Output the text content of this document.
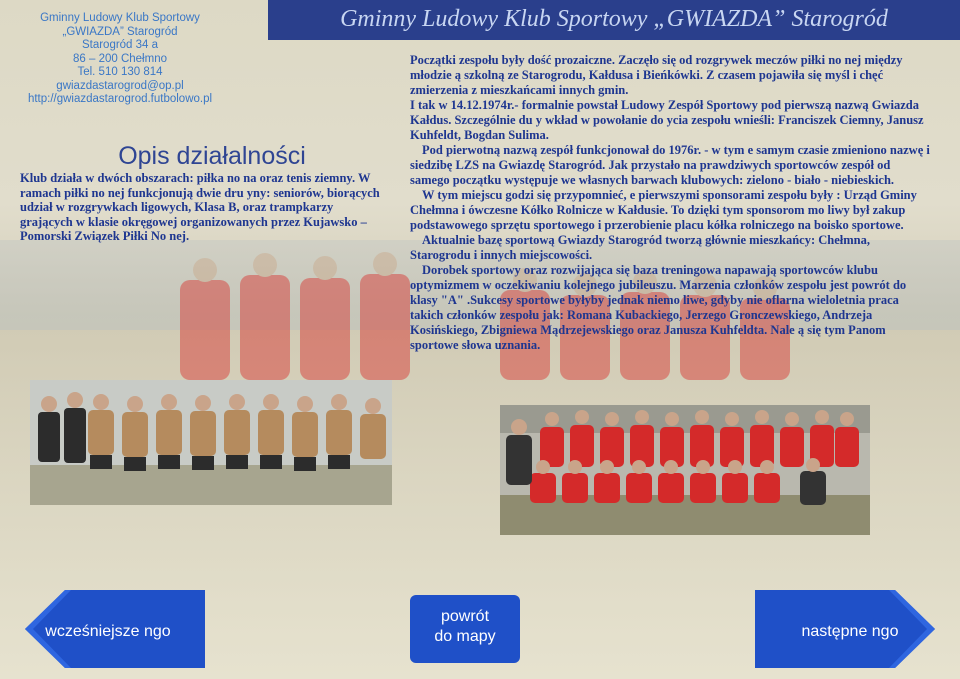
Gminny Ludowy Klub Sportowy
„GWIAZDA” Starogród
Starogród 34 a
86 – 200 Chełmno
Tel. 510 130 814
gwiazdastarogrod@op.pl
http://gwiazdastarogrod.futbolowo.pl
Gminny Ludowy Klub Sportowy „GWIAZDA” Starogród
Opis działalności
Klub działa w dwóch obszarach: piłka no na oraz tenis ziemny. W ramach piłki no nej funkcjonują dwie dru yny: seniorów, biorących udział w rozgrywkach ligowych, Klasa B, oraz trampkarzy grających w klasie okręgowej organizowanych przez Kujawsko – Pomorski Związek Piłki No nej.

Początki zespołu były dość prozaiczne. Zaczęło się od rozgrywek meczów piłki no nej między młodzie ą szkolną ze Starogrodu, Kałdusa i Bieńkówki. Z czasem pojawiła się myśl i chęć zmierzenia z mieszkańcami innych gmin.

I tak w 14.12.1974r.- formalnie powstał Ludowy Zespół Sportowy pod pierwszą nazwą Gwiazda Kałdus. Szczególnie du y wkład w powołanie do ycia zespołu wnieśli: Franciszek Ciemny, Janusz Kuhfeldt, Bogdan Sulima.

Pod pierwotną nazwą zespół funkcjonował do 1976r. - w tym e samym czasie zmieniono nazwę i siedzibę LZS na Gwiazdę Starogród. Jak przystało na prawdziwych sportowców zespół od samego początku występuje we własnych barwach klubowych: zielono - biało - niebieskich.

W tym miejscu godzi się przypomnieć, e pierwszymi sponsorami zespołu były : Urząd Gminy Chełmna i ówczesne Kółko Rolnicze w Kałdusie. To dzięki tym sponsorom mo liwy był zakup podstawowego sprzętu sportowego i przerobienie placu kółka rolniczego na boisko sportowe.

Aktualnie bazę sportową Gwiazdy Starogród tworzą głównie mieszkańcy: Chełmna, Starogrodu i innych miejscowości.

Dorobek sportowy oraz rozwijająca się baza treningowa napawają sportowców klubu optymizmem w oczekiwaniu kolejnego jubileuszu. Marzenia członków zespołu jest powrót do klasy "A" .Sukcesy sportowe byłyby jednak niemo liwe, gdyby nie oflarna wieloletnia praca takich członków zespołu jak: Romana Kubackiego, Jerzego Gronczewskiego, Andrzeja Kosińskiego, Zbigniewa Mądrzejewskiego oraz Janusza Kuhfeldta. Nale ą się tym Panom sportowe słowa uznania.

wcześniejsze ngo
powrót
do mapy	następne ngo
